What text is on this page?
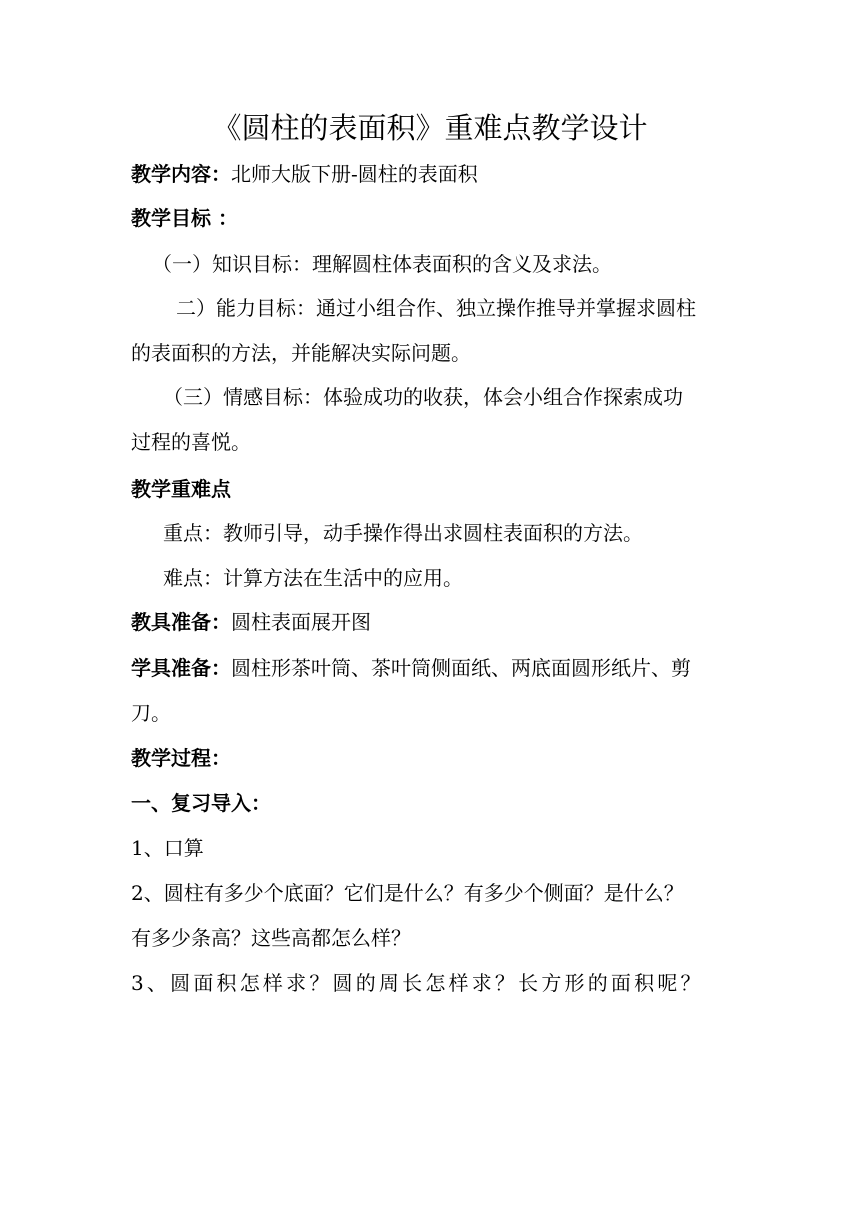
《圆柱的表面积》重难点教学设计
教学内容：北师大版下册-圆柱的表面积
教学目标 ：
（一）知识目标：理解圆柱体表面积的含义及求法。
二）能力目标：通过小组合作、独立操作推导并掌握求圆柱
的表面积的方法，并能解决实际问题。
（三）情感目标：体验成功的收获，体会小组合作探索成功
过程的喜悦。
教学重难点
重点：教师引导，动手操作得出求圆柱表面积的方法。
难点：计算方法在生活中的应用。
教具准备：圆柱表面展开图
学具准备：圆柱形茶叶筒、茶叶筒侧面纸、两底面圆形纸片、剪
刀。
教学过程：
一、复习导入：
1、口算
2、圆柱有多少个底面？它们是什么？有多少个侧面？是什么？
有多少条高？这些高都怎么样？
3、圆面积怎样求？圆的周长怎样求？长方形的面积呢？
